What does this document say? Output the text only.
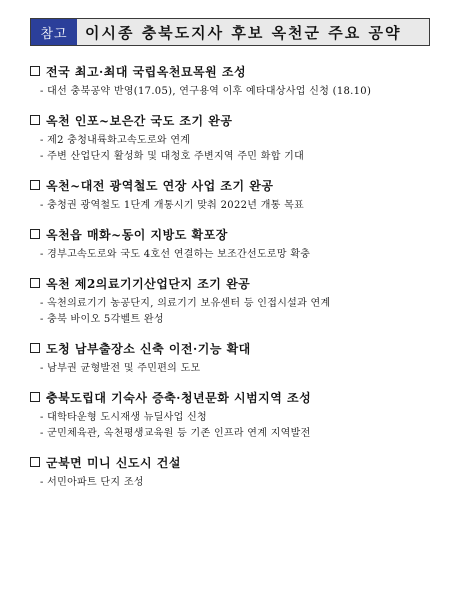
참고	이시종 충북도지사 후보 옥천군 주요 공약
전국 최고·최대 국립옥천묘목원 조성
- 대선 충북공약 반영(17.05), 연구용역 이후 예타대상사업 신청 (18.10)
옥천 인포~보은간 국도 조기 완공
- 제2 충청내륙화고속도로와 연계
- 주변 산업단지 활성화 및 대청호 주변지역 주민 화합 기대
옥천~대전 광역철도 연장 사업 조기 완공
- 충청권 광역철도 1단계 개통시기 맞춰 2022년 개통 목표
옥천읍 매화~동이 지방도 확포장
- 경부고속도로와 국도 4호선 연결하는 보조간선도로망 확충
옥천 제2의료기기산업단지 조기 완공
- 옥천의료기기 농공단지, 의료기기 보유센터 등 인접시설과 연계
- 충북 바이오 5각벨트 완성
도청 남부출장소 신축 이전·기능 확대
- 남부권 균형발전 및 주민편의 도모
충북도립대 기숙사 증축·청년문화 시범지역 조성
- 대학타운형 도시재생 뉴딜사업 신청
- 군민체육관, 옥천평생교육원 등 기존 인프라 연계 지역발전
군북면 미니 신도시 건설
- 서민아파트 단지 조성
